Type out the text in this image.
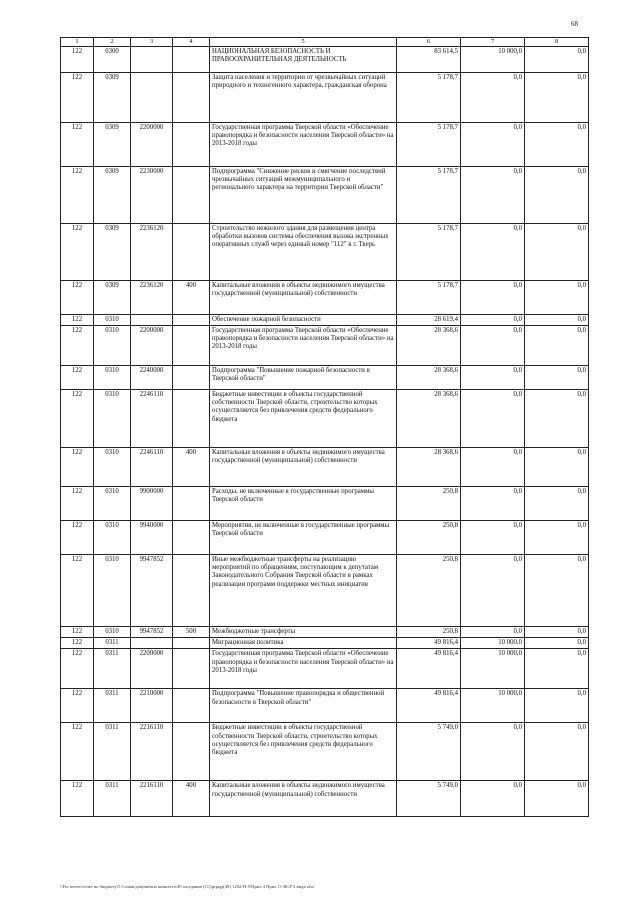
68
1	2	3	4	5	6	7	8
122	0300			НАЦИОНАЛЬНАЯ БЕЗОПАСНОСТЬ И ПРАВООХРАНИТЕЛЬНАЯ ДЕЯТЕЛЬНОСТЬ	83 614,5	10 000,0	0,0
122	0309			Защита населения и территории от чрезвычайных ситуаций природного и техногенного характера, гражданская оборона	5 178,7	0,0	0,0
122	0309	2200000		Государственная программа Тверской области «Обеспечение правопорядка и безопасности населения Тверской области» на 2013-2018 годы	5 178,7	0,0	0,0
122	0309	2230000		Подпрограмма "Снижение рисков и смягчение последствий чрезвычайных ситуаций межмуниципального и регионального характера на территории Тверской области"	5 178,7	0,0	0,0
122	0309	2236120		Строительство нежилого здания для размещения центра обработки вызовов системы обеспечения вызова экстренных оперативных служб через единый номер "112" в г. Тверь	5 178,7	0,0	0,0
122	0309	2236120	400	Капитальные вложения в объекты недвижимого имущества государственной (муниципальной) собственности	5 178,7	0,0	0,0
122	0310			Обеспечение пожарной безопасности	28 619,4	0,0	0,0
122	0310	2200000		Государственная программа Тверской области «Обеспечение правопорядка и безопасности населения Тверской области» на 2013-2018 годы	28 368,6	0,0	0,0
122	0310	2240000		Подпрограмма "Повышение пожарной безопасности в Тверской области"	28 368,6	0,0	0,0
122	0310	2246110		Бюджетные инвестиции в объекты государственной собственности Тверской области, строительство которых осуществляется без привлечения средств федерального бюджета	28 368,6	0,0	0,0
122	0310	2246110	400	Капитальные вложения в объекты недвижимого имущества государственной (муниципальной) собственности	28 368,6	0,0	0,0
122	0310	9900000		Расходы, не включенные в государственные программы Тверской области	250,8	0,0	0,0
122	0310	9940000		Мероприятия, не включенные в государственные программы Тверской области	250,8	0,0	0,0
122	0310	9947852		Иные межбюджетные трансферты на реализацию мероприятий по обращениям, поступающим к депутатам Законодательного Собрания Тверской области в рамках реализации программ поддержки местных инициатив	250,8	0,0	0,0
122	0310	9947852	500	Межбюджетные трансферты	250,8	0,0	0,0
122	0311			Миграционная политика	49 816,4	10 000,0	0,0
122	0311	2200000		Государственная программа Тверской области «Обеспечение правопорядка и безопасности населения Тверской области» на 2013-2018 годы	49 816,4	10 000,0	0,0
122	0311	2210000		Подпрограмма "Повышение правопорядка и общественной безопасности в Тверской области"	49 816,4	10 000,0	0,0
122	0311	2216110		Бюджетные инвестиции в объекты государственной собственности Тверской области, строительство которых осуществляется без привлечения средств федерального бюджета	5 749,0	0,0	0,0
122	0311	2216110	400	Капитальные вложения в объекты недвижимого имущества государственной (муниципальной) собственности	5 749,0	0,0	0,0
\\Fis-server\отчет во бюджету\5 Созыв\документы комитета\49 заседание (11)\prprgr(49) 1292-П-5\Прил 4 Прил 11 ВСР 3 вида.xlsx
